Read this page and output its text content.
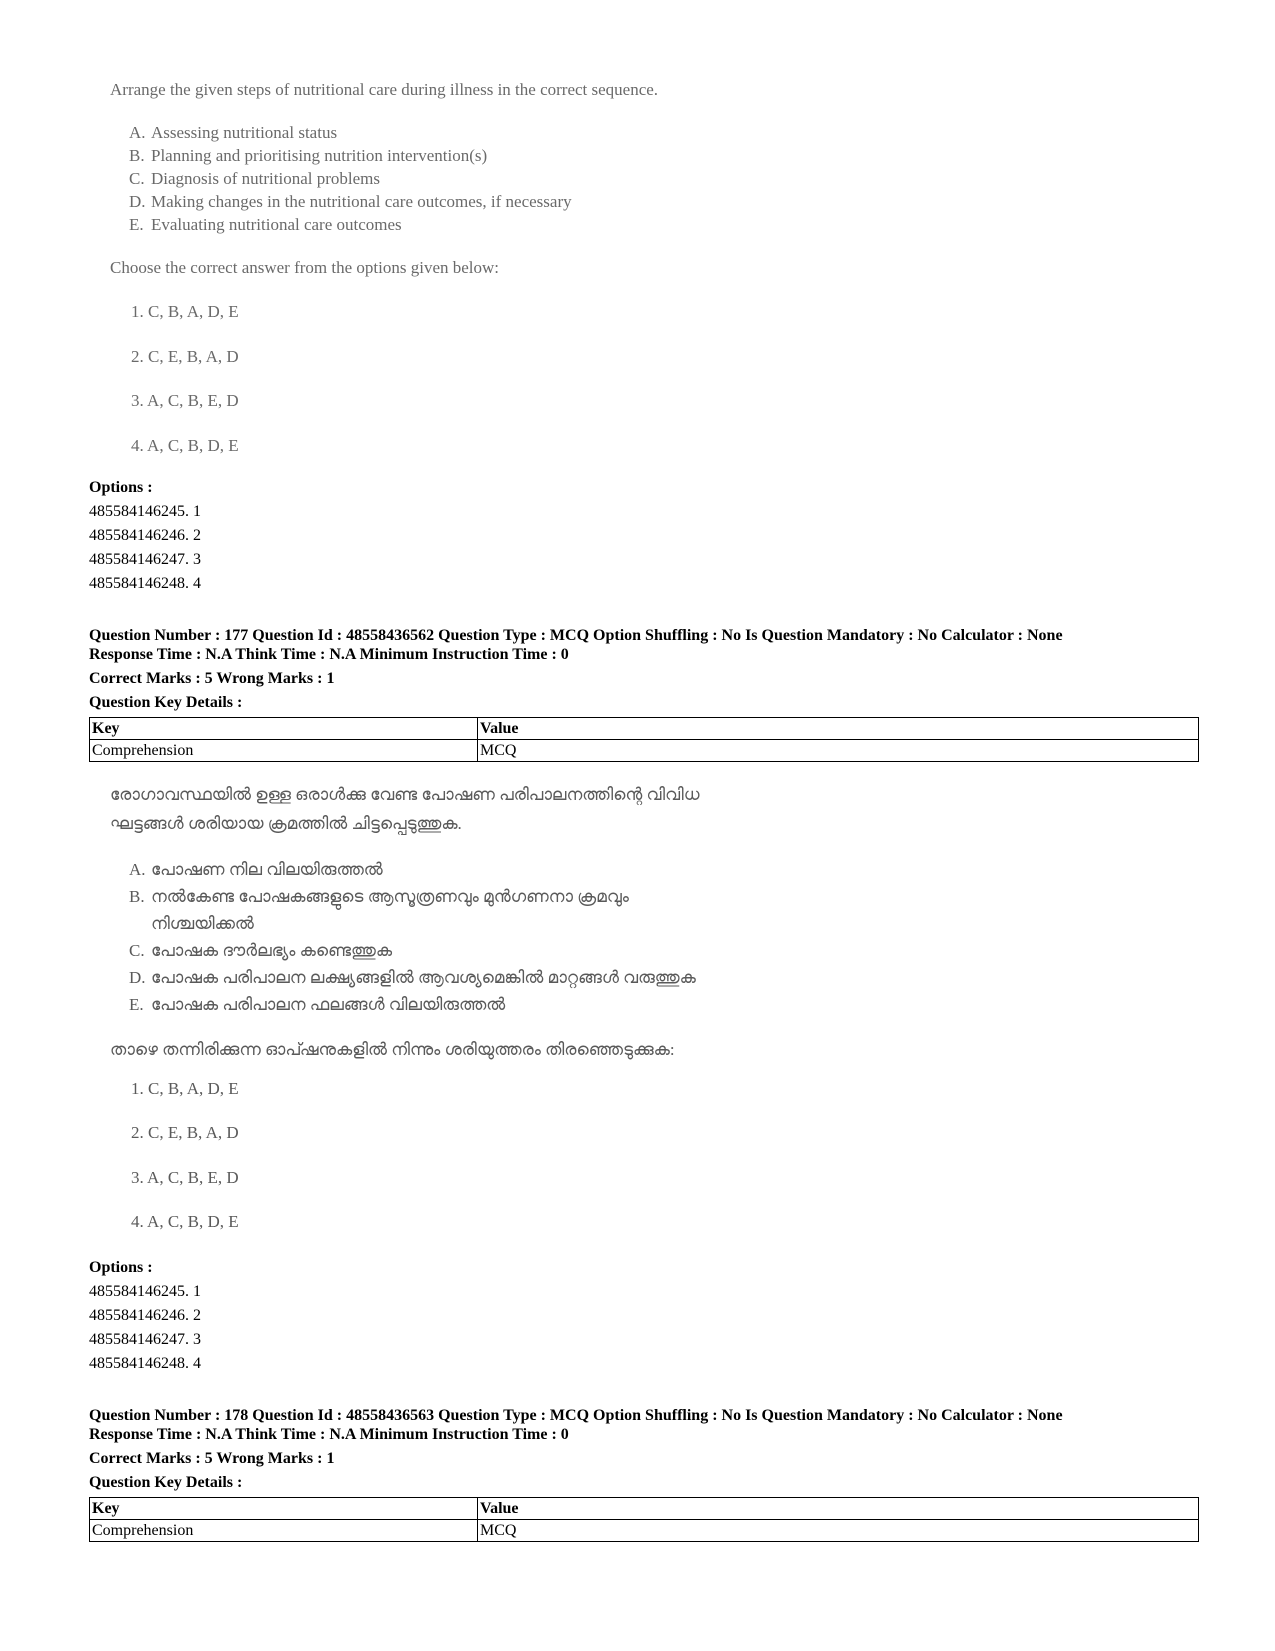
Arrange the given steps of nutritional care during illness in the correct sequence.
A. Assessing nutritional status
B. Planning and prioritising nutrition intervention(s)
C. Diagnosis of nutritional problems
D. Making changes in the nutritional care outcomes, if necessary
E. Evaluating nutritional care outcomes
Choose the correct answer from the options given below:
1. C, B, A, D, E
2. C, E, B, A, D
3. A, C, B, E, D
4. A, C, B, D, E
Options :
485584146245. 1
485584146246. 2
485584146247. 3
485584146248. 4
Question Number : 177 Question Id : 48558436562 Question Type : MCQ Option Shuffling : No Is Question Mandatory : No Calculator : None
Response Time : N.A Think Time : N.A Minimum Instruction Time : 0
Correct Marks : 5 Wrong Marks : 1
Question Key Details :
Key	Value
Comprehension	MCQ
രോഗാവസ്ഥയിൽ ഉള്ള ഒരാൾക്കു വേണ്ട പോഷണ പരിപാലനത്തിന്റെ വിവിധ
ഘട്ടങ്ങൾ ശരിയായ ക്രമത്തിൽ ചിട്ടപ്പെടുത്തുക.
A. പോഷണ നില വിലയിരുത്തൽ
B. നൽകേണ്ട പോഷകങ്ങളുടെ ആസൂത്രണവും മുൻഗണനാ ക്രമവും
നിശ്ചയിക്കൽ
C. പോഷക ദൗർലഭ്യം കണ്ടെത്തുക
D. പോഷക പരിപാലന ലക്ഷ്യങ്ങളിൽ ആവശ്യമെങ്കിൽ മാറ്റങ്ങൾ വരുത്തുക
E. പോഷക പരിപാലന ഫലങ്ങൾ വിലയിരുത്തൽ
താഴെ തന്നിരിക്കുന്ന ഓപ്ഷനുകളിൽ നിന്നും ശരിയുത്തരം തിരഞ്ഞെടുക്കുക:
1. C, B, A, D, E
2. C, E, B, A, D
3. A, C, B, E, D
4. A, C, B, D, E
Options :
485584146245. 1
485584146246. 2
485584146247. 3
485584146248. 4
Question Number : 178 Question Id : 48558436563 Question Type : MCQ Option Shuffling : No Is Question Mandatory : No Calculator : None
Response Time : N.A Think Time : N.A Minimum Instruction Time : 0
Correct Marks : 5 Wrong Marks : 1
Question Key Details :
Key	Value
Comprehension	MCQ
